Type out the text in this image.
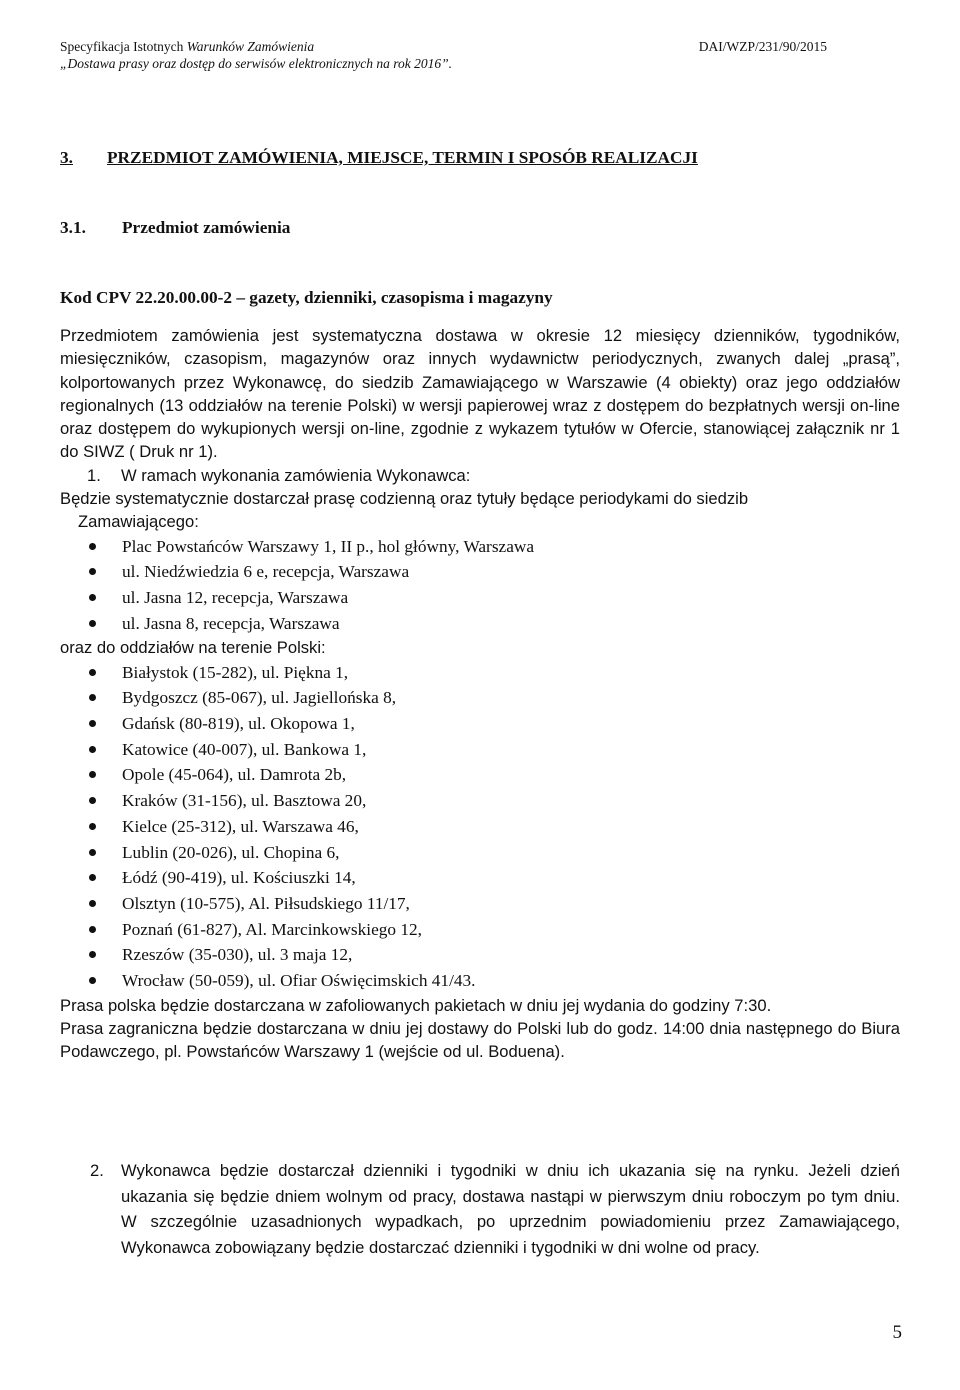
Specyfikacja Istotnych Warunków Zamówienia
„Dostawa prasy oraz dostęp do serwisów elektronicznych na rok 2016”.
DAI/WZP/231/90/2015
3.	PRZEDMIOT ZAMÓWIENIA, MIEJSCE, TERMIN I SPOSÓB REALIZACJI
3.1.	Przedmiot zamówienia
Kod CPV 22.20.00.00-2 – gazety, dzienniki, czasopisma i magazyny
Przedmiotem zamówienia jest systematyczna dostawa w okresie 12 miesięcy dzienników, tygodników, miesięczników, czasopism, magazynów oraz innych wydawnictw periodycznych, zwanych dalej „prasą”, kolportowanych przez Wykonawcę, do siedzib Zamawiającego w Warszawie (4 obiekty) oraz jego oddziałów regionalnych (13 oddziałów na terenie Polski) w wersji papierowej wraz z dostępem do bezpłatnych wersji on-line oraz dostępem do wykupionych wersji on-line, zgodnie z wykazem tytułów w Ofercie, stanowiącej załącznik nr 1 do SIWZ ( Druk nr 1).
1. W ramach wykonania zamówienia Wykonawca:
Będzie systematycznie dostarczał prasę codzienną oraz tytuły będące periodykami do siedzib
Zamawiającego:
Plac Powstańców Warszawy 1, II p., hol główny, Warszawa
ul. Niedźwiedzia 6 e, recepcja, Warszawa
ul. Jasna 12, recepcja, Warszawa
ul. Jasna 8, recepcja, Warszawa
oraz do oddziałów na terenie Polski:
Białystok (15-282), ul. Piękna 1,
Bydgoszcz (85-067), ul. Jagiellońska 8,
Gdańsk (80-819), ul. Okopowa 1,
Katowice (40-007), ul. Bankowa 1,
Opole (45-064), ul. Damrota 2b,
Kraków (31-156), ul. Basztowa 20,
Kielce (25-312), ul. Warszawa 46,
Lublin (20-026), ul. Chopina 6,
Łódź (90-419), ul. Kościuszki 14,
Olsztyn (10-575), Al. Piłsudskiego 11/17,
Poznań (61-827), Al. Marcinkowskiego 12,
Rzeszów (35-030), ul. 3 maja 12,
Wrocław (50-059), ul. Ofiar Oświęcimskich 41/43.
Prasa polska będzie dostarczana w zafoliowanych pakietach w dniu jej wydania do godziny 7:30.
Prasa zagraniczna będzie dostarczana w dniu jej dostawy do Polski lub do godz. 14:00 dnia następnego do Biura Podawczego, pl. Powstańców Warszawy 1 (wejście od ul. Boduena).
2.	Wykonawca będzie dostarczał dzienniki i tygodniki w dniu ich ukazania się na rynku. Jeżeli dzień ukazania się będzie dniem wolnym od pracy, dostawa nastąpi w pierwszym dniu roboczym po tym dniu. W szczególnie uzasadnionych wypadkach, po uprzednim powiadomieniu przez Zamawiającego, Wykonawca zobowiązany będzie dostarczać dzienniki i tygodniki w dni wolne od pracy.
5
